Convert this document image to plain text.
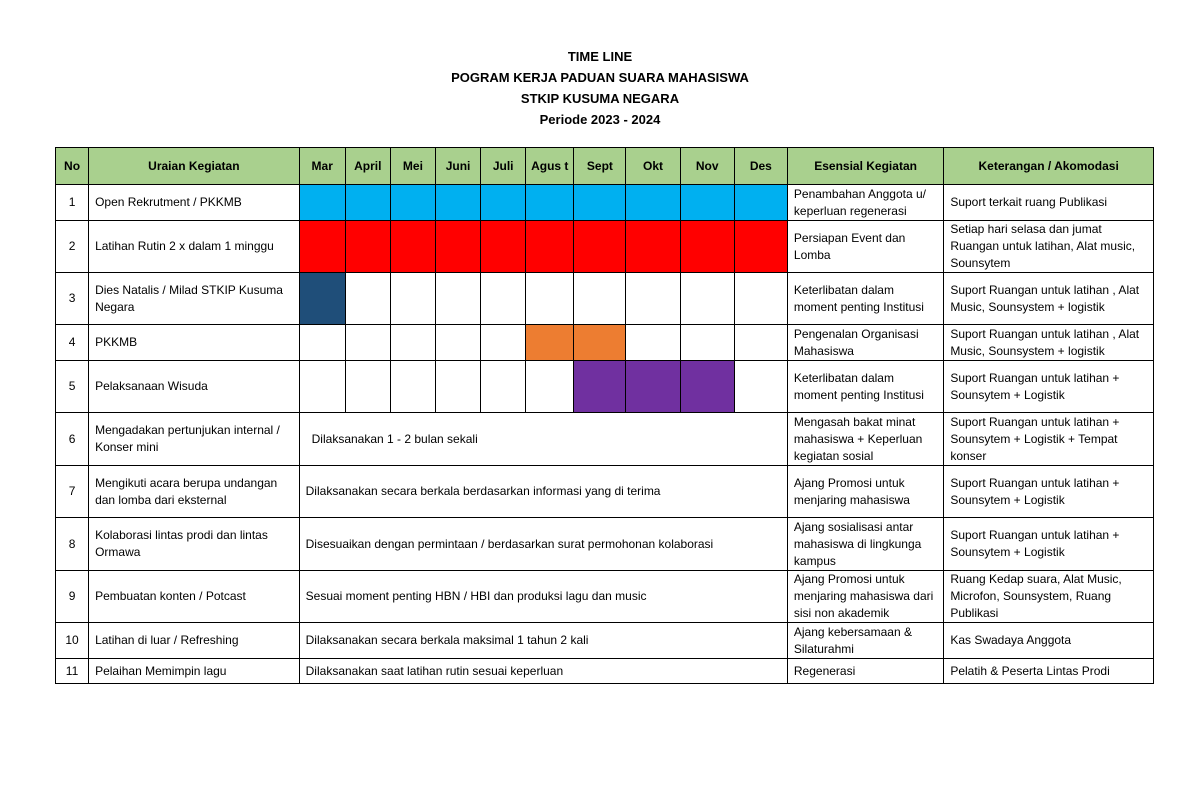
TIME LINE
POGRAM KERJA PADUAN SUARA MAHASISWA
STKIP KUSUMA NEGARA
Periode 2023 - 2024
No	Uraian Kegiatan	Mar	April	Mei	Juni	Juli	Agus t	Sept	Okt	Nov	Des	Esensial Kegiatan	Keterangan / Akomodasi
1	Open Rekrutment / PKKMB											Penambahan Anggota u/ keperluan regenerasi	Suport terkait ruang Publikasi
2	Latihan Rutin 2 x dalam 1 minggu											Persiapan Event dan Lomba	Setiap hari selasa dan jumat Ruangan untuk latihan, Alat music, Sounsytem
3	Dies Natalis / Milad STKIP Kusuma Negara											Keterlibatan dalam moment penting Institusi	Suport Ruangan untuk latihan , Alat Music, Sounsystem + logistik
4	PKKMB											Pengenalan Organisasi Mahasiswa	Suport Ruangan untuk latihan , Alat Music, Sounsystem + logistik
5	Pelaksanaan Wisuda											Keterlibatan dalam moment penting Institusi	Suport Ruangan untuk latihan + Sounsytem + Logistik
6	Mengadakan pertunjukan internal / Konser mini	Dilaksanakan 1 - 2 bulan sekali										Mengasah bakat minat mahasiswa + Keperluan kegiatan sosial	Suport Ruangan untuk latihan + Sounsytem + Logistik + Tempat konser
7	Mengikuti acara berupa undangan dan lomba dari eksternal	Dilaksanakan secara berkala berdasarkan informasi yang di terima										Ajang Promosi untuk menjaring mahasiswa	Suport Ruangan untuk latihan + Sounsytem + Logistik
8	Kolaborasi lintas prodi dan lintas Ormawa	Disesuaikan dengan permintaan / berdasarkan surat permohonan kolaborasi										Ajang sosialisasi antar mahasiswa di lingkunga kampus	Suport Ruangan untuk latihan + Sounsytem + Logistik
9	Pembuatan konten / Potcast	Sesuai moment penting HBN / HBI dan produksi lagu dan music										Ajang Promosi untuk menjaring mahasiswa dari sisi non akademik	Ruang Kedap suara, Alat Music, Microfon, Sounsystem, Ruang Publikasi
10	Latihan di luar / Refreshing	Dilaksanakan secara berkala maksimal 1 tahun 2 kali										Ajang kebersamaan & Silaturahmi	Kas Swadaya Anggota
11	Pelaihan Memimpin lagu	Dilaksanakan saat latihan rutin sesuai keperluan										Regenerasi	Pelatih & Peserta Lintas Prodi
